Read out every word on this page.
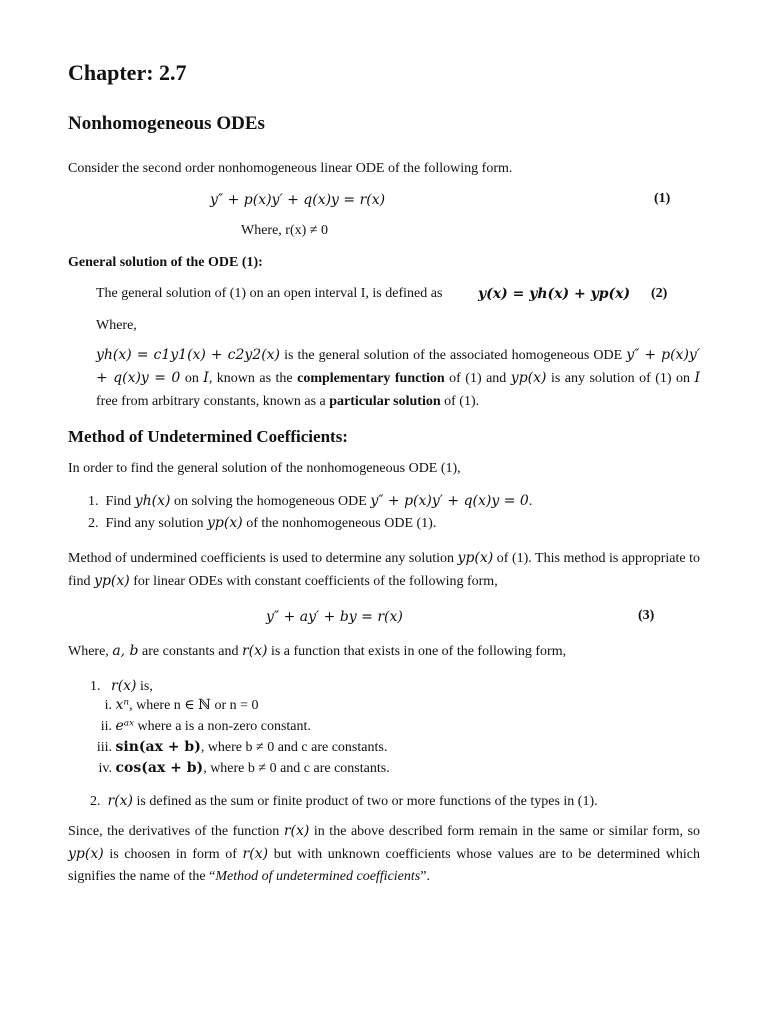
Chapter: 2.7
Nonhomogeneous ODEs
Consider the second order nonhomogeneous linear ODE of the following form.
y″ + p(x)y′ + q(x)y = r(x)	(1)
Where, r(x) ≠ 0
General solution of the ODE (1):
The general solution of (1) on an open interval I, is defined as	y(x) = yh(x) + yp(x) (2)
Where,
yh(x) = c1y1(x) + c2y2(x) is the general solution of the associated homogeneous ODE y″ + p(x)y′ + q(x)y = 0 on I, known as the complementary function of (1) and yp(x) is any solution of (1) on I free from arbitrary constants, known as a particular solution of (1).
Method of Undetermined Coefficients:
In order to find the general solution of the nonhomogeneous ODE (1),
1. Find yh(x) on solving the homogeneous ODE y″ + p(x)y′ + q(x)y = 0.
2. Find any solution yp(x) of the nonhomogeneous ODE (1).
Method of undermined coefficients is used to determine any solution yp(x) of (1). This method is appropriate to find yp(x) for linear ODEs with constant coefficients of the following form,
y″ + ay′ + by = r(x)	(3)
Where, a, b are constants and r(x) is a function that exists in one of the following form,
1. r(x) is,
i. xⁿ, where n ∈ ℕ or n = 0
ii. eᵃˣ where a is a non-zero constant.
iii. sin(ax + b), where b ≠ 0 and c are constants.
iv. cos(ax + b), where b ≠ 0 and c are constants.
2. r(x) is defined as the sum or finite product of two or more functions of the types in (1).
Since, the derivatives of the function r(x) in the above described form remain in the same or similar form, so yp(x) is choosen in form of r(x) but with unknown coefficients whose values are to be determined which signifies the name of the “Method of undetermined coefficients”.
